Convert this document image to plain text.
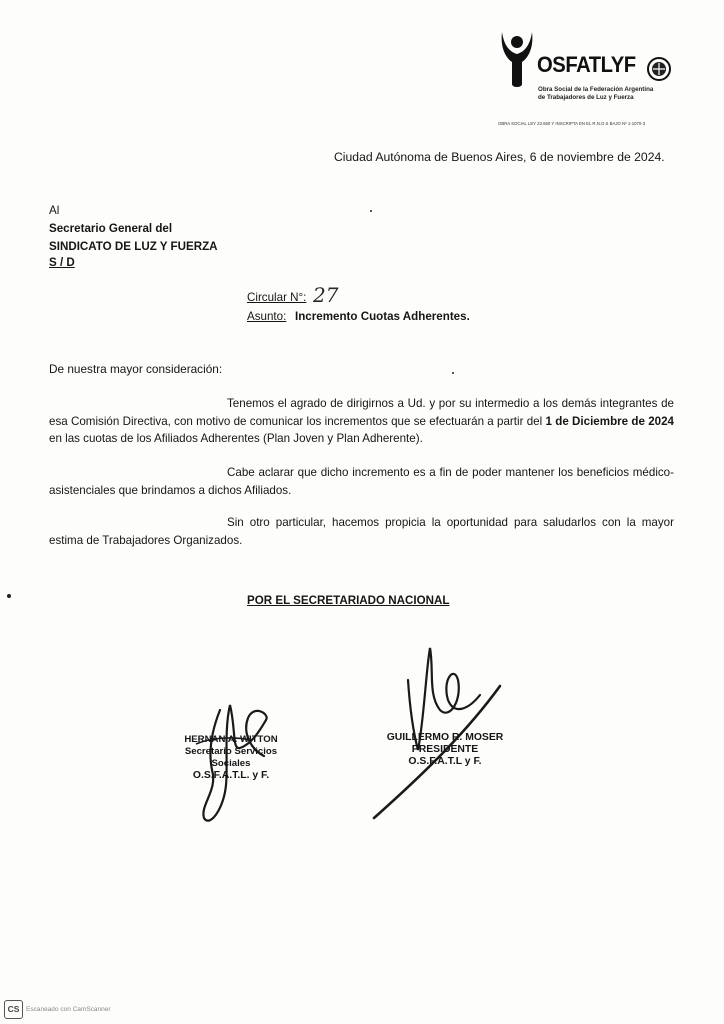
OSFATLYF
Obra Social de la Federación Argentina
de Trabajadores de Luz y Fuerza
OBRA SOCIAL LEY 23.660 Y INSCRIPTA EN EL R.N.O.S BAJO Nº 1-1070-3
Ciudad Autónoma de Buenos Aires, 6 de noviembre de 2024.
Al
Secretario General del
SINDICATO DE LUZ Y FUERZA
S / D
Circular N°: 27
Asunto: Incremento Cuotas Adherentes.
De nuestra mayor consideración:

Tenemos el agrado de dirigirnos a Ud. y por su intermedio a los demás integrantes de esa Comisión Directiva, con motivo de comunicar los incrementos que se efectuarán a partir del 1 de Diciembre de 2024 en las cuotas de los Afiliados Adherentes (Plan Joven y Plan Adherente).

Cabe aclarar que dicho incremento es a fin de poder mantener los beneficios médico-asistenciales que brindamos a dichos Afiliados.

Sin otro particular, hacemos propicia la oportunidad para saludarlos con la mayor estima de Trabajadores Organizados.

POR EL SECRETARIADO NACIONAL
HERNAN A. WITTON
Secretario Servicios Sociales
O.S.F.A.T.L. y F.
GUILLERMO R. MOSER
PRESIDENTE
O.S.F.A.T.L y F.
CS	Escaneado con CamScanner
